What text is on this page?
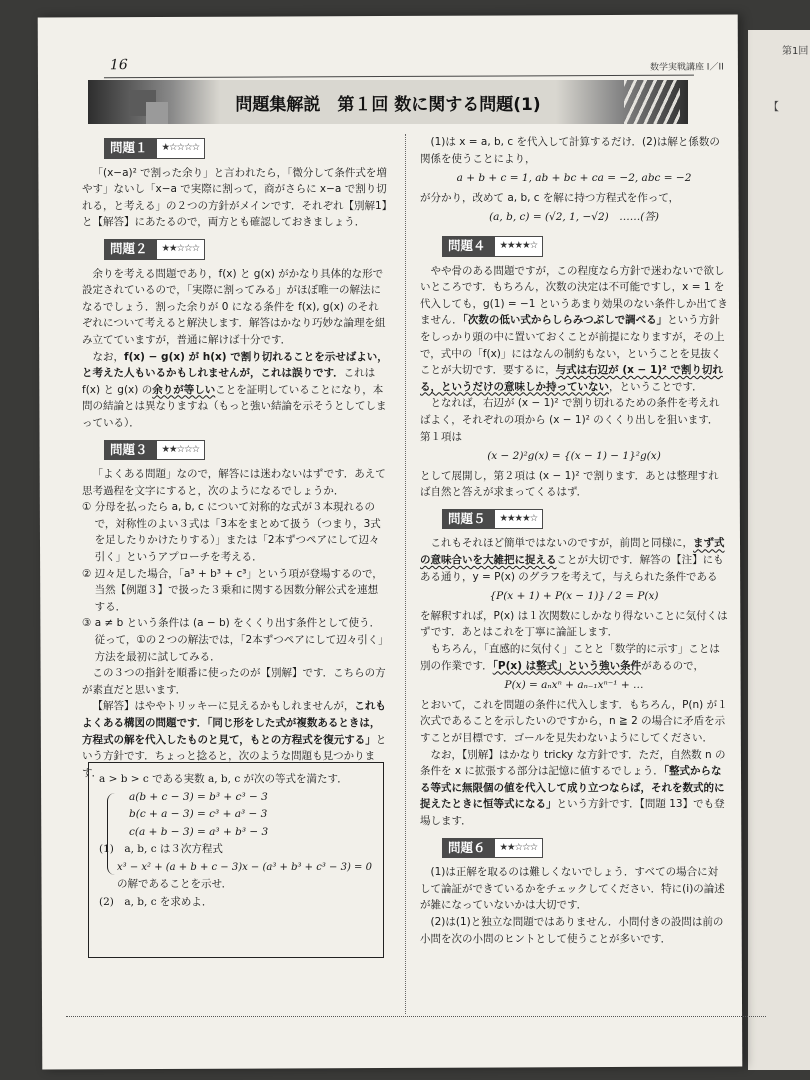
第1回
【
16	数学実戦講座 I／II
問題集解説　第１回 数に関する問題(1)
問題１	★☆☆☆☆

「(x−a)² で割った余り」と言われたら，「微分して条件式を増やす」ないし「x−a で実際に割って，商がさらに x−a で割り切れる，と考える」の２つの方針がメインです．それぞれ【別解1】と【解答】にあたるので，両方とも確認しておきましょう．

問題２	★★☆☆☆

余りを考える問題であり，f(x) と g(x) がかなり具体的な形で設定されているので，「実際に割ってみる」がほぼ唯一の解法になるでしょう．割った余りが 0 になる条件を f(x), g(x) のそれぞれについて考えると解決します．解答はかなり巧妙な論理を組み立てていますが，普通に解けば十分です．

なお，f(x) − g(x) が h(x) で割り切れることを示せばよい，と考えた人もいるかもしれませんが，これは誤りです．これは f(x) と g(x) の余りが等しいことを証明していることになり，本問の結論とは異なりますね（もっと強い結論を示そうとしてしまっている）．

問題３	★★☆☆☆

「よくある問題」なので，解答には迷わないはずです．あえて思考過程を文字にすると，次のようになるでしょうか．

① 分母を払ったら a, b, c について対称的な式が３本現れるので，対称性のよい３式は「3本をまとめて扱う（つまり，3式を足したりかけたりする）」または「2本ずつペアにして辺々引く」というアプローチを考える．

② 辺々足した場合，「a³ + b³ + c³」という項が登場するので，当然【例題３】で扱った３乗和に関する因数分解公式を連想する．

③ a ≠ b という条件は (a − b) をくくり出す条件として使う．従って，①の２つの解法では，「2本ずつペアにして辺々引く」方法を最初に試してみる．

この３つの指針を順番に使ったのが【別解】です．こちらの方が素直だと思います．

【解答】はややトリッキーに見えるかもしれませんが，これもよくある構図の問題です．「同じ形をした式が複数あるときは，方程式の解を代入したものと見て，もとの方程式を復元する」という方針です．ちょっと捻ると，次のような問題も見つかります．

a > b > c である実数 a, b, c が次の等式を満たす．
a(b + c − 3) = b³ + c³ − 3
b(c + a − 3) = c³ + a³ − 3
c(a + b − 3) = a³ + b³ − 3
(1)　a, b, c は３次方程式
x³ − x² + (a + b + c − 3)x − (a³ + b³ + c³ − 3) = 0
の解であることを示せ．
(2)　a, b, c を求めよ．

(1)は x = a, b, c を代入して計算するだけ．(2)は解と係数の関係を使うことにより，

a + b + c = 1, ab + bc + ca = −2, abc = −2

が分かり，改めて a, b, c を解に持つ方程式を作って，

(a, b, c) = (√2, 1, −√2)　……(答)
問題４	★★★★☆

やや骨のある問題ですが，この程度なら方針で迷わないで欲しいところです．もちろん，次数の決定は不可能ですし，x = 1 を代入しても，g(1) = −1 というあまり効果のない条件しか出てきません．「次数の低い式からしらみつぶしで調べる」という方針をしっかり頭の中に置いておくことが前提になりますが，その上で，式中の「f(x)」にはなんの制約もない，ということを見抜くことが大切です．要するに，与式は右辺が (x − 1)² で割り切れる，というだけの意味しか持っていない，ということです．

となれば，右辺が (x − 1)² で割り切れるための条件を考えればよく，それぞれの項から (x − 1)² のくくり出しを狙います．第１項は

(x − 2)²g(x) = {(x − 1) − 1}²g(x)

として展開し，第２項は (x − 1)² で割ります．あとは整理すれば自然と答えが求まってくるはず．

問題５	★★★★☆

これもそれほど簡単ではないのですが，前問と同様に，まず式の意味合いを大雑把に捉えることが大切です．解答の【注】にもある通り，y = P(x) のグラフを考えて，与えられた条件である

{P(x + 1) + P(x − 1)} / 2 = P(x)

を解釈すれば，P(x) は１次関数にしかなり得ないことに気付くはずです．あとはこれを丁寧に論証します．

もちろん，「直感的に気付く」ことと「数学的に示す」ことは別の作業です．「P(x) は整式」という強い条件があるので，

P(x) = aₙxⁿ + aₙ₋₁xⁿ⁻¹ + …

とおいて，これを問題の条件に代入します．もちろん，P(n) が１次式であることを示したいのですから，n ≧ 2 の場合に矛盾を示すことが目標です．ゴールを見失わないようにしてください．

なお，【別解】はかなり tricky な方針です．ただ，自然数 n の条件を x に拡張する部分は記憶に値するでしょう．「整式からなる等式に無限個の値を代入して成り立つならば，それを数式的に捉えたときに恒等式になる」という方針です．【問題 13】でも登場します．

問題６	★★☆☆☆

(1)は正解を取るのは難しくないでしょう．すべての場合に対して論証ができているかをチェックしてください．特に(i)の論述が雑になっていないかは大切です．

(2)は(1)と独立な問題ではありません．小問付きの設問は前の小問を次の小問のヒントとして使うことが多いです．
